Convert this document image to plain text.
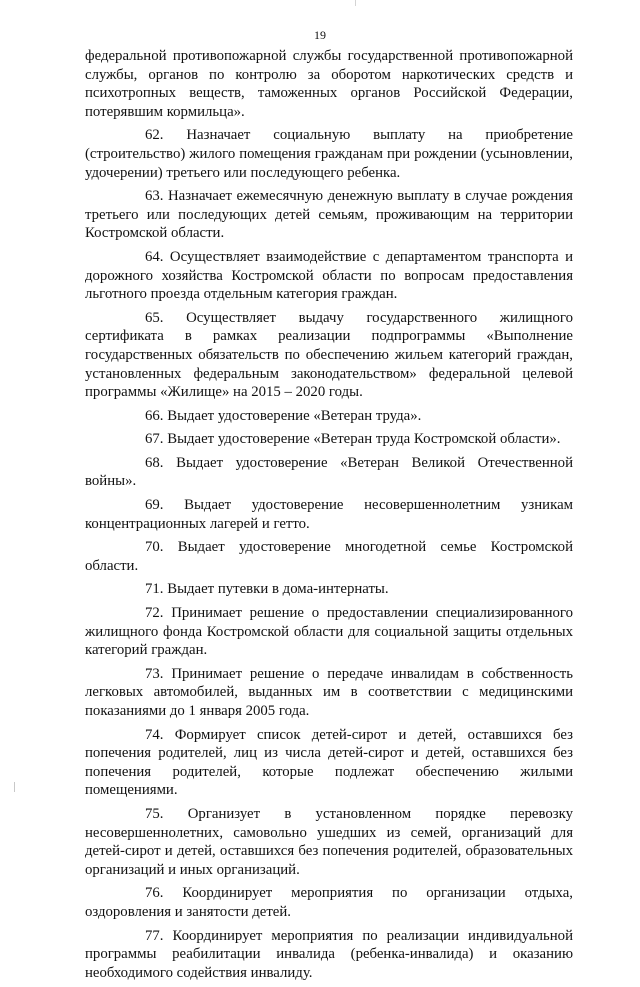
19

федеральной противопожарной службы государственной противопожарной службы, органов по контролю за оборотом наркотических средств и психотропных веществ, таможенных органов Российской Федерации, потерявшим кормильца».

62. Назначает социальную выплату на приобретение (строительство) жилого помещения гражданам при рождении (усыновлении, удочерении) третьего или последующего ребенка.

63. Назначает ежемесячную денежную выплату в случае рождения третьего или последующих детей семьям, проживающим на территории Костромской области.

64. Осуществляет взаимодействие с департаментом транспорта и дорожного хозяйства Костромской области по вопросам предоставления льготного проезда отдельным категория граждан.

65. Осуществляет выдачу государственного жилищного сертификата в рамках реализации подпрограммы «Выполнение государственных обязательств по обеспечению жильем категорий граждан, установленных федеральным законодательством» федеральной целевой программы «Жилище» на 2015 – 2020 годы.

66. Выдает удостоверение «Ветеран труда».

67. Выдает удостоверение «Ветеран труда Костромской области».

68. Выдает удостоверение «Ветеран Великой Отечественной войны».

69. Выдает удостоверение несовершеннолетним узникам концентрационных лагерей и гетто.

70. Выдает удостоверение многодетной семье Костромской области.

71. Выдает путевки в дома-интернаты.

72. Принимает решение о предоставлении специализированного жилищного фонда Костромской области для социальной защиты отдельных категорий граждан.

73. Принимает решение о передаче инвалидам в собственность легковых автомобилей, выданных им в соответствии с медицинскими показаниями до 1 января 2005 года.

74. Формирует список детей-сирот и детей, оставшихся без попечения родителей, лиц из числа детей-сирот и детей, оставшихся без попечения родителей, которые подлежат обеспечению жилыми помещениями.

75. Организует в установленном порядке перевозку несовершеннолетних, самовольно ушедших из семей, организаций для детей-сирот и детей, оставшихся без попечения родителей, образовательных организаций и иных организаций.

76. Координирует мероприятия по организации отдыха, оздоровления и занятости детей.

77. Координирует мероприятия по реализации индивидуальной программы реабилитации инвалида (ребенка-инвалида) и оказанию необходимого содействия инвалиду.
